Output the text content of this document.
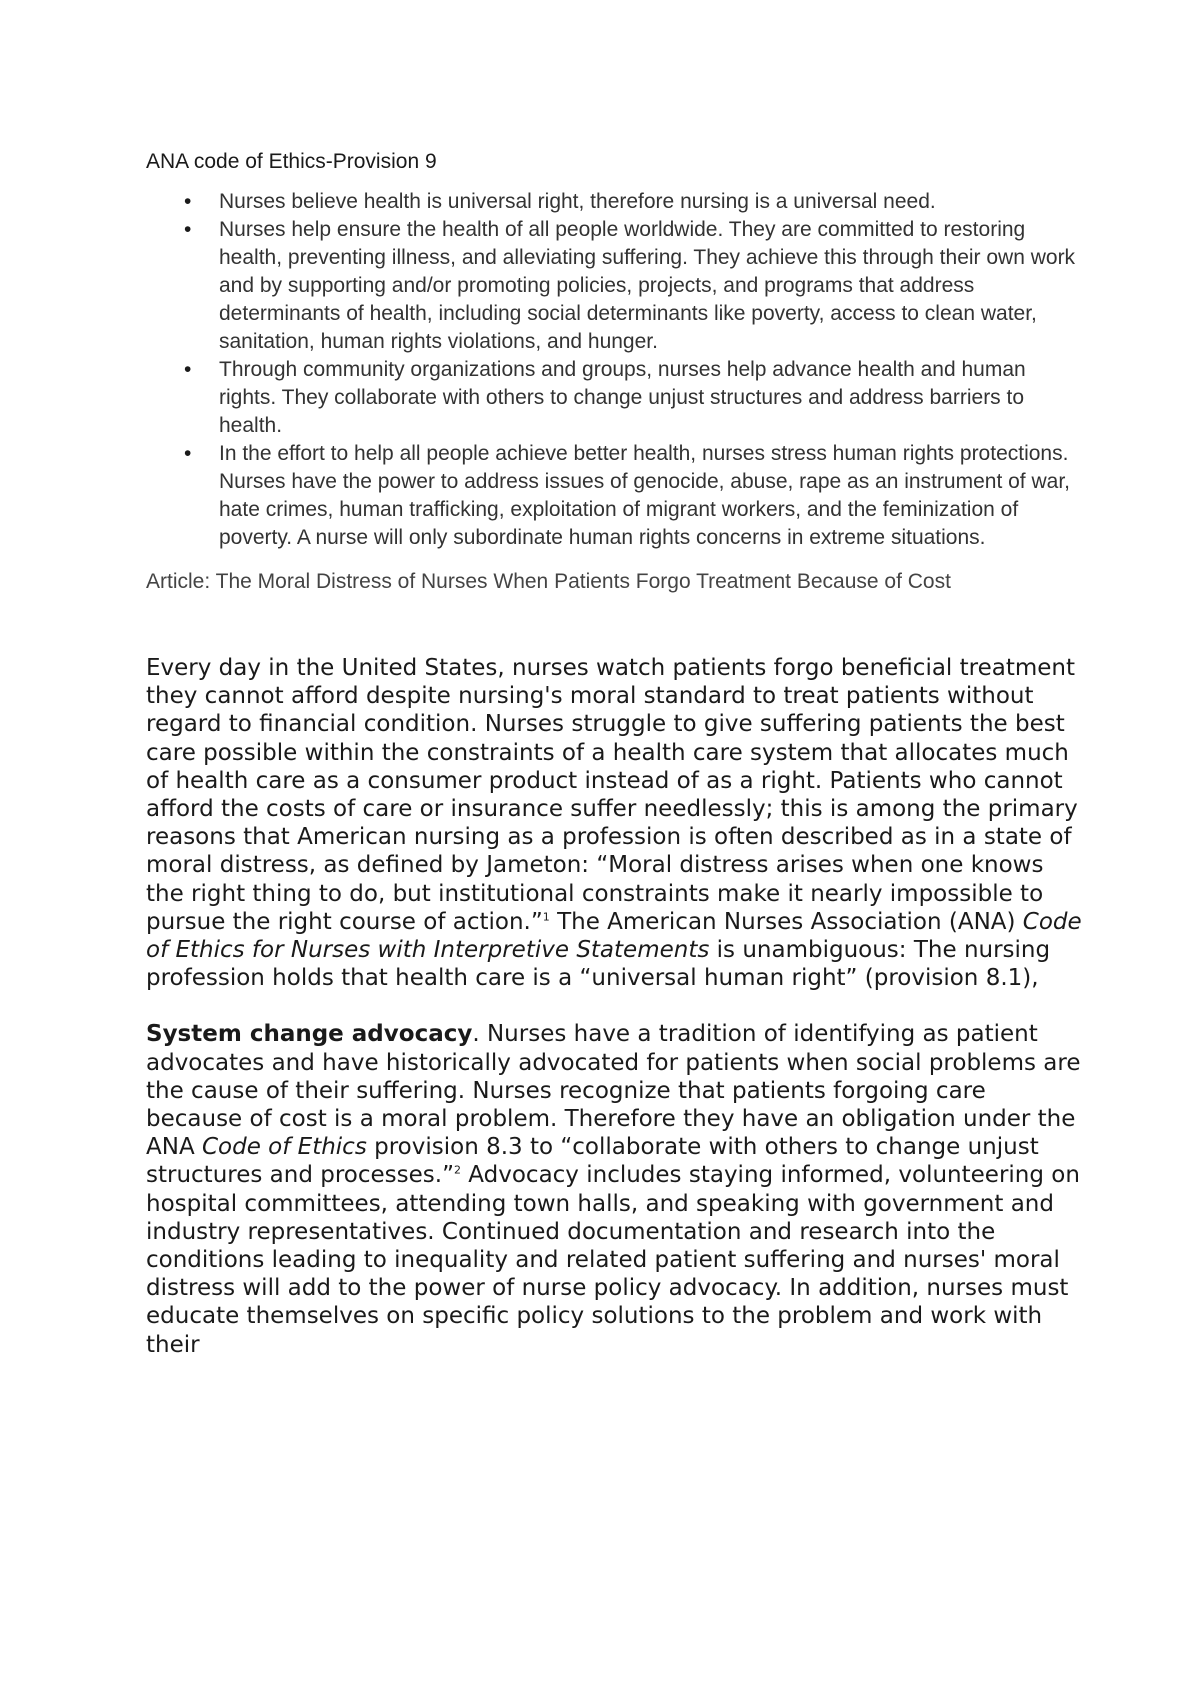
ANA code of Ethics-Provision 9
• Nurses believe health is universal right, therefore nursing is a universal need.
• Nurses help ensure the health of all people worldwide. They are committed to restoring health, preventing illness, and alleviating suffering. They achieve this through their own work and by supporting and/or promoting policies, projects, and programs that address determinants of health, including social determinants like poverty, access to clean water, sanitation, human rights violations, and hunger.
• Through community organizations and groups, nurses help advance health and human rights. They collaborate with others to change unjust structures and address barriers to health.
• In the effort to help all people achieve better health, nurses stress human rights protections. Nurses have the power to address issues of genocide, abuse, rape as an instrument of war, hate crimes, human trafficking, exploitation of migrant workers, and the feminization of poverty. A nurse will only subordinate human rights concerns in extreme situations.

Article: The Moral Distress of Nurses When Patients Forgo Treatment Because of Cost

Every day in the United States, nurses watch patients forgo beneficial treatment they cannot afford despite nursing's moral standard to treat patients without regard to financial condition. Nurses struggle to give suffering patients the best care possible within the constraints of a health care system that allocates much of health care as a consumer product instead of as a right. Patients who cannot afford the costs of care or insurance suffer needlessly; this is among the primary reasons that American nursing as a profession is often described as in a state of moral distress, as defined by Jameton: “Moral distress arises when one knows the right thing to do, but institutional constraints make it nearly impossible to pursue the right course of action.”$^1$ The American Nurses Association (ANA) Code of Ethics for Nurses with Interpretive Statements is unambiguous: The nursing profession holds that health care is a “universal human right” (provision 8.1),

System change advocacy. Nurses have a tradition of identifying as patient advocates and have historically advocated for patients when social problems are the cause of their suffering. Nurses recognize that patients forgoing care because of cost is a moral problem. Therefore they have an obligation under the ANA Code of Ethics provision 8.3 to “collaborate with others to change unjust structures and processes.”$^2$ Advocacy includes staying informed, volunteering on hospital committees, attending town halls, and speaking with government and industry representatives. Continued documentation and research into the conditions leading to inequality and related patient suffering and nurses' moral distress will add to the power of nurse policy advocacy. In addition, nurses must educate themselves on specific policy solutions to the problem and work with their
